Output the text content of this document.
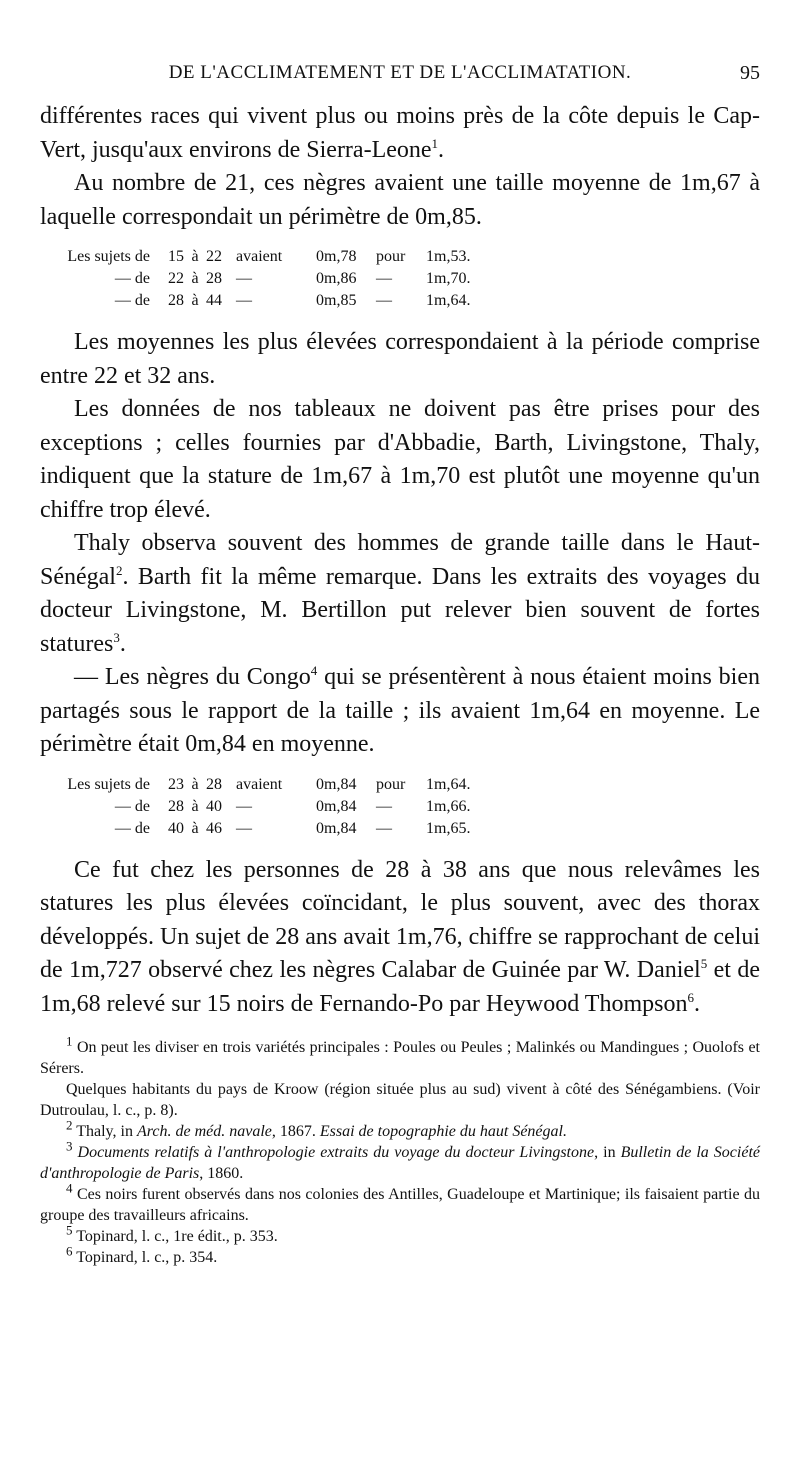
DE L'ACCLIMATEMENT ET DE L'ACCLIMATATION.	95

différentes races qui vivent plus ou moins près de la côte depuis le Cap-Vert, jusqu'aux environs de Sierra-Leone$^1$.

Au nombre de 21, ces nègres avaient une taille moyenne de 1m,67 à laquelle correspondait un périmètre de 0m,85.

Les sujets de	15 à 22 avaient	0m,78	pour	1m,53.
— de	22 à 28 —	0m,86	—	1m,70.
— de	28 à 44 —	0m,85	—	1m,64.

Les moyennes les plus élevées correspondaient à la période comprise entre 22 et 32 ans.

Les données de nos tableaux ne doivent pas être prises pour des exceptions ; celles fournies par d'Abbadie, Barth, Livingstone, Thaly, indiquent que la stature de 1m,67 à 1m,70 est plutôt une moyenne qu'un chiffre trop élevé.

Thaly observa souvent des hommes de grande taille dans le Haut-Sénégal$^2$. Barth fit la même remarque. Dans les extraits des voyages du docteur Livingstone, M. Bertillon put relever bien souvent de fortes statures$^3$.

— Les nègres du Congo$^4$ qui se présentèrent à nous étaient moins bien partagés sous le rapport de la taille ; ils avaient 1m,64 en moyenne. Le périmètre était 0m,84 en moyenne.

Les sujets de	23 à 28 avaient	0m,84	pour	1m,64.
— de	28 à 40 —	0m,84	—	1m,66.
— de	40 à 46 —	0m,84	—	1m,65.

Ce fut chez les personnes de 28 à 38 ans que nous relevâmes les statures les plus élevées coïncidant, le plus souvent, avec des thorax développés. Un sujet de 28 ans avait 1m,76, chiffre se rapprochant de celui de 1m,727 observé chez les nègres Calabar de Guinée par W. Daniel$^5$ et de 1m,68 relevé sur 15 noirs de Fernando-Po par Heywood Thompson$^6$.

$^1$ On peut les diviser en trois variétés principales : Poules ou Peules ; Malinkés ou Mandingues ; Ouolofs et Sérers.

Quelques habitants du pays de Kroow (région située plus au sud) vivent à côté des Sénégambiens. (Voir Dutroulau, l. c., p. 8).

$^2$ Thaly, in Arch. de méd. navale, 1867. Essai de topographie du haut Sénégal.

$^3$ Documents relatifs à l'anthropologie extraits du voyage du docteur Livingstone, in Bulletin de la Société d'anthropologie de Paris, 1860.

$^4$ Ces noirs furent observés dans nos colonies des Antilles, Guadeloupe et Martinique; ils faisaient partie du groupe des travailleurs africains.

$^5$ Topinard, l. c., 1re édit., p. 353.

$^6$ Topinard, l. c., p. 354.
